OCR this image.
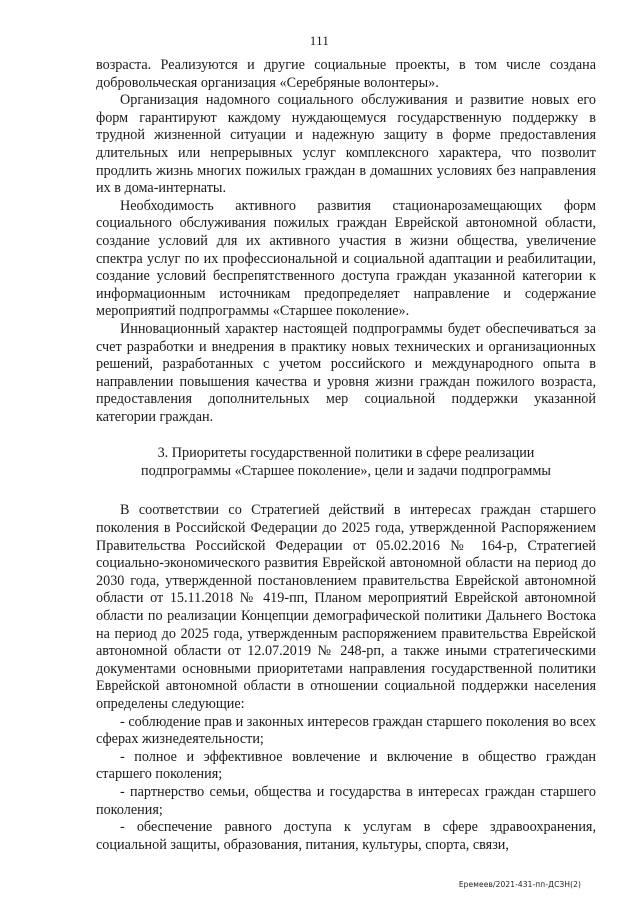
111

возраста. Реализуются и другие социальные проекты, в том числе создана добровольческая организация «Серебряные волонтеры».

Организация надомного социального обслуживания и развитие новых его форм гарантируют каждому нуждающемуся государственную поддержку в трудной жизненной ситуации и надежную защиту в форме предоставления длительных или непрерывных услуг комплексного характера, что позволит продлить жизнь многих пожилых граждан в домашних условиях без направления их в дома-интернаты.

Необходимость активного развития стационарозамещающих форм социального обслуживания пожилых граждан Еврейской автономной области, создание условий для их активного участия в жизни общества, увеличение спектра услуг по их профессиональной и социальной адаптации и реабилитации, создание условий беспрепятственного доступа граждан указанной категории к информационным источникам предопределяет направление и содержание мероприятий подпрограммы «Старшее поколение».

Инновационный характер настоящей подпрограммы будет обеспечиваться за счет разработки и внедрения в практику новых технических и организационных решений, разработанных с учетом российского и международного опыта в направлении повышения качества и уровня жизни граждан пожилого возраста, предоставления дополнительных мер социальной поддержки указанной категории граждан.

3. Приоритеты государственной политики в сфере реализации
подпрограммы «Старшее поколение», цели и задачи подпрограммы

В соответствии со Стратегией действий в интересах граждан старшего поколения в Российской Федерации до 2025 года, утвержденной Распоряжением Правительства Российской Федерации от 05.02.2016 № 164-р, Стратегией социально-экономического развития Еврейской автономной области на период до 2030 года, утвержденной постановлением правительства Еврейской автономной области от 15.11.2018 № 419-пп, Планом мероприятий Еврейской автономной области по реализации Концепции демографической политики Дальнего Востока на период до 2025 года, утвержденным распоряжением правительства Еврейской автономной области от 12.07.2019 № 248-рп, а также иными стратегическими документами основными приоритетами направления государственной политики Еврейской автономной области в отношении социальной поддержки населения определены следующие:

- соблюдение прав и законных интересов граждан старшего поколения во всех сферах жизнедеятельности;

- полное и эффективное вовлечение и включение в общество граждан старшего поколения;

- партнерство семьи, общества и государства в интересах граждан старшего поколения;

- обеспечение равного доступа к услугам в сфере здравоохранения, социальной защиты, образования, питания, культуры, спорта, связи,

Еремеев/2021-431-пп-ДСЗН(2)
